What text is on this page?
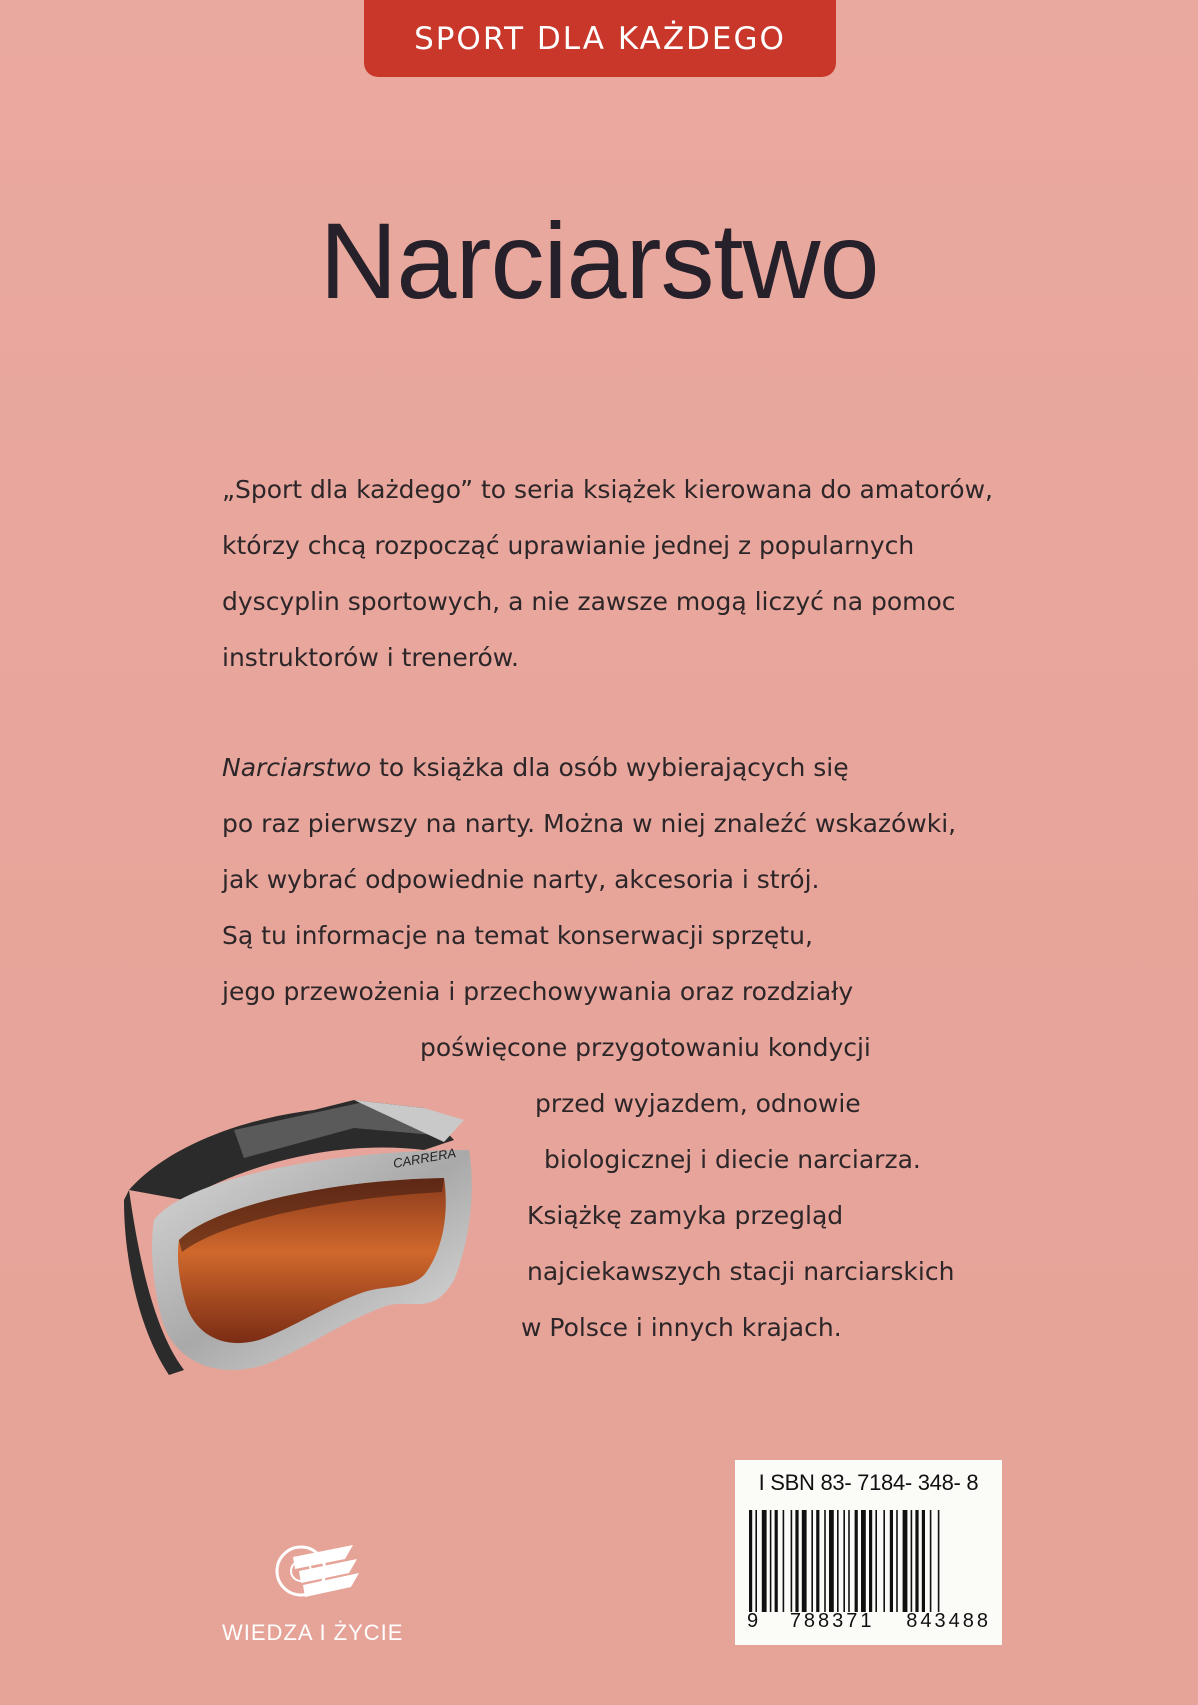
SPORT DLA KAŻDEGO
Narciarstwo
„Sport dla każdego” to seria książek kierowana do amatorów,
którzy chcą rozpocząć uprawianie jednej z popularnych
dyscyplin sportowych, a nie zawsze mogą liczyć na pomoc
instruktorów i trenerów.
Narciarstwo to książka dla osób wybierających się
po raz pierwszy na narty. Można w niej znaleźć wskazówki,
jak wybrać odpowiednie narty, akcesoria i strój.
Są tu informacje na temat konserwacji sprzętu,
jego przewożenia i przechowywania oraz rozdziały
poświęcone przygotowaniu kondycji
przed wyjazdem, odnowie
biologicznej i diecie narciarza.
Książkę zamyka przegląd
najciekawszych stacji narciarskich
w Polsce i innych krajach.
CARRERA
I SBN 83- 7184- 348- 8
9 788371 843488
WIEDZA I ŻYCIE
